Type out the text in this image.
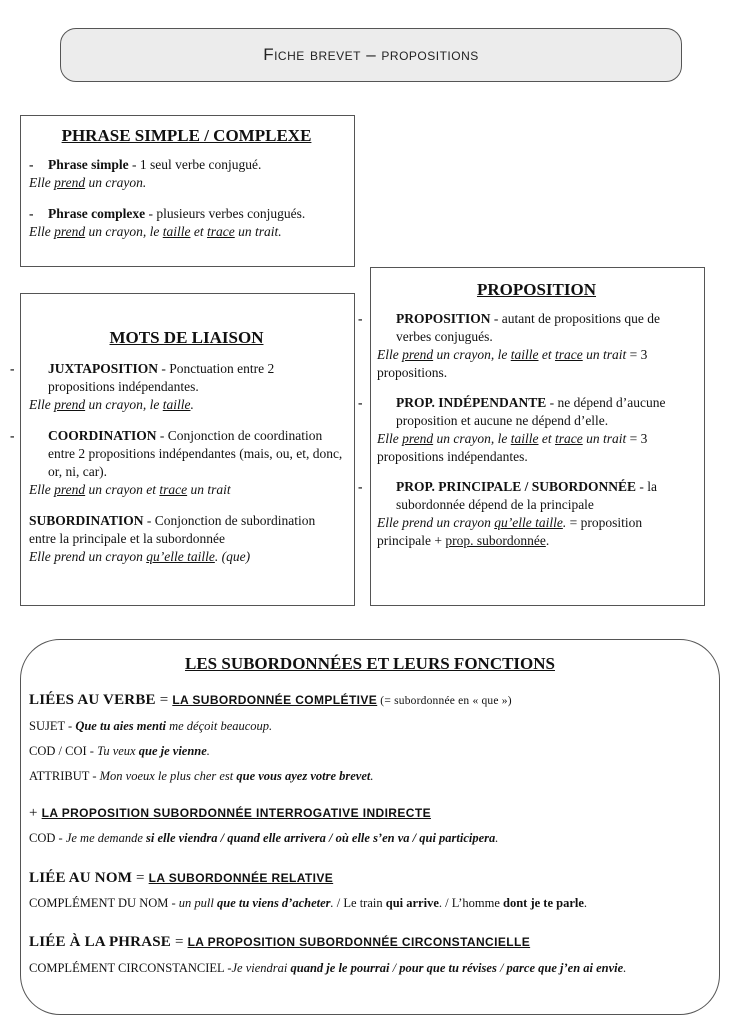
Fiche brevet – propositions
PHRASE SIMPLE / COMPLEXE
- Phrase simple - 1 seul verbe conjugué.
Elle prend un crayon.
- Phrase complexe - plusieurs verbes conjugués.
Elle prend un crayon, le taille et trace un trait.
MOTS DE LIAISON
- JUXTAPOSITION - Ponctuation entre 2 propositions indépendantes.
Elle prend un crayon, le taille.
- COORDINATION - Conjonction de coordination entre 2 propositions indépendantes (mais, ou, et, donc, or, ni, car).
Elle prend un crayon et trace un trait
SUBORDINATION - Conjonction de subordination entre la principale et la subordonnée
Elle prend un crayon qu’elle taille. (que)
PROPOSITION
- PROPOSITION - autant de propositions que de verbes conjugués.
Elle prend un crayon, le taille et trace un trait = 3 propositions.
- PROP. INDÉPENDANTE - ne dépend d’aucune proposition et aucune ne dépend d’elle.
Elle prend un crayon, le taille et trace un trait = 3 propositions indépendantes.
- PROP. PRINCIPALE / SUBORDONNÉE - la subordonnée dépend de la principale
Elle prend un crayon qu’elle taille. = proposition principale + prop. subordonnée.
LES SUBORDONNÉES ET LEURS FONCTIONS
LIÉES AU VERBE = LA SUBORDONNÉE COMPLÉTIVE (= subordonnée en « que »)
SUJET - Que tu aies menti me déçoit beaucoup.
COD / COI - Tu veux que je vienne.
ATTRIBUT - Mon voeux le plus cher est que vous ayez votre brevet.
+ LA PROPOSITION SUBORDONNÉE INTERROGATIVE INDIRECTE
COD - Je me demande si elle viendra / quand elle arrivera / où elle s’en va / qui participera.
LIÉE AU NOM = LA SUBORDONNÉE RELATIVE
COMPLÉMENT DU NOM - un pull que tu viens d’acheter. / Le train qui arrive. / L’homme dont je te parle.
LIÉE À LA PHRASE = LA PROPOSITION SUBORDONNÉE CIRCONSTANCIELLE
COMPLÉMENT CIRCONSTANCIEL -Je viendrai quand je le pourrai / pour que tu révises / parce que j’en ai envie.
